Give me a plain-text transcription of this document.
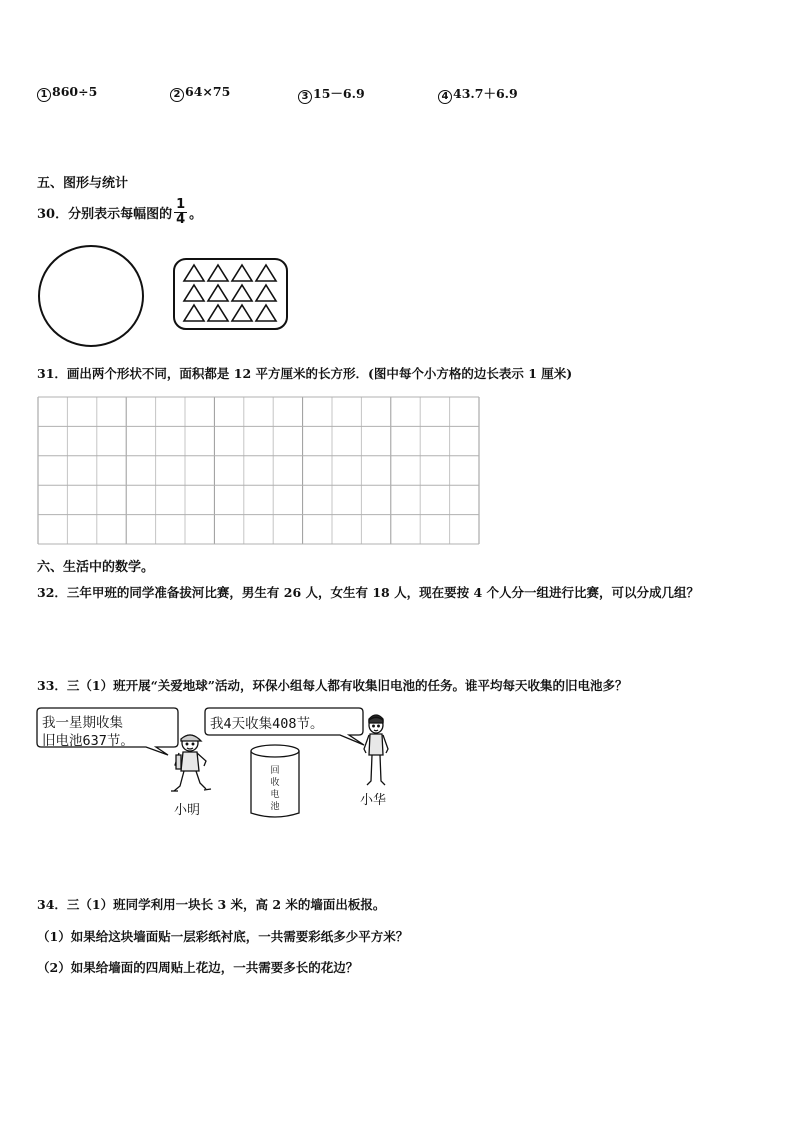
1 860÷5	2 64×75	3 15－6.9	4 43.7＋6.9
五、图形与统计
30．分别表示每幅图的 $\frac{1}{4}$ 。
31．画出两个形状不同，面积都是 12 平方厘米的长方形．(图中每个小方格的边长表示 1 厘米)
六、生活中的数学。
32．三年甲班的同学准备拔河比赛，男生有 26 人，女生有 18 人，现在要按 4 个人分一组进行比赛，可以分成几组？
33．三（1）班开展“关爱地球”活动，环保小组每人都有收集旧电池的任务。谁平均每天收集的旧电池多？
我一星期收集
旧电池637节。
小明
我4天收集408节。
回
收
电
池	小华
34．三（1）班同学利用一块长 3 米，高 2 米的墙面出板报。
（1）如果给这块墙面贴一层彩纸衬底，一共需要彩纸多少平方米？
（2）如果给墙面的四周贴上花边，一共需要多长的花边？
